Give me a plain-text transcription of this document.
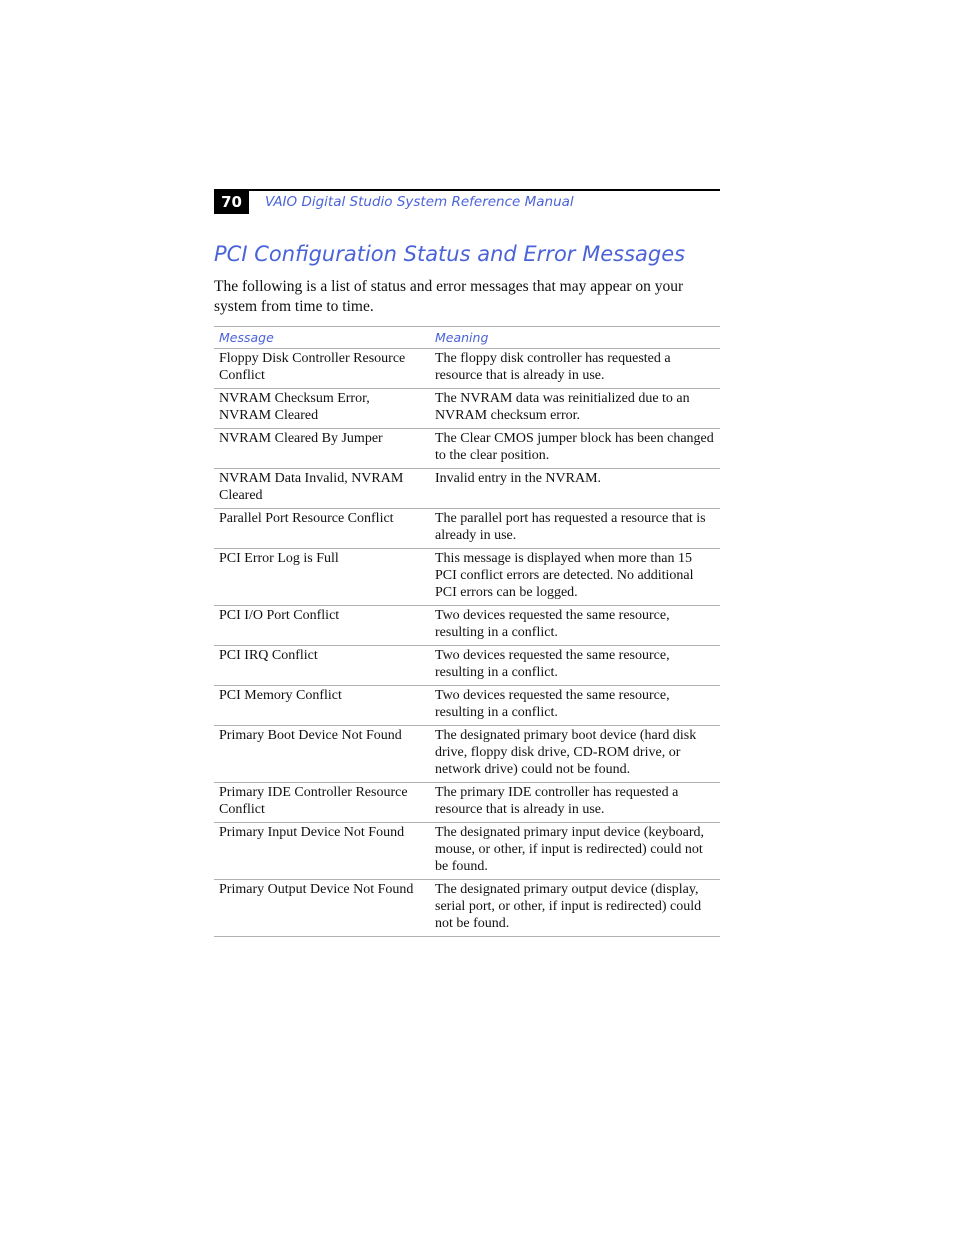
70	VAIO Digital Studio System Reference Manual
PCI Configuration Status and Error Messages

The following is a list of status and error messages that may appear on your system from time to time.

Message	Meaning
Floppy Disk Controller Resource Conflict	The floppy disk controller has requested a resource that is already in use.
NVRAM Checksum Error, NVRAM Cleared	The NVRAM data was reinitialized due to an NVRAM checksum error.
NVRAM Cleared By Jumper	The Clear CMOS jumper block has been changed to the clear position.
NVRAM Data Invalid, NVRAM Cleared	Invalid entry in the NVRAM.
Parallel Port Resource Conflict	The parallel port has requested a resource that is already in use.
PCI Error Log is Full	This message is displayed when more than 15 PCI conflict errors are detected. No additional PCI errors can be logged.
PCI I/O Port Conflict	Two devices requested the same resource, resulting in a conflict.
PCI IRQ Conflict	Two devices requested the same resource, resulting in a conflict.
PCI Memory Conflict	Two devices requested the same resource, resulting in a conflict.
Primary Boot Device Not Found	The designated primary boot device (hard disk drive, floppy disk drive, CD-ROM drive, or network drive) could not be found.
Primary IDE Controller Resource Conflict	The primary IDE controller has requested a resource that is already in use.
Primary Input Device Not Found	The designated primary input device (keyboard, mouse, or other, if input is redirected) could not be found.
Primary Output Device Not Found	The designated primary output device (display, serial port, or other, if input is redirected) could not be found.
